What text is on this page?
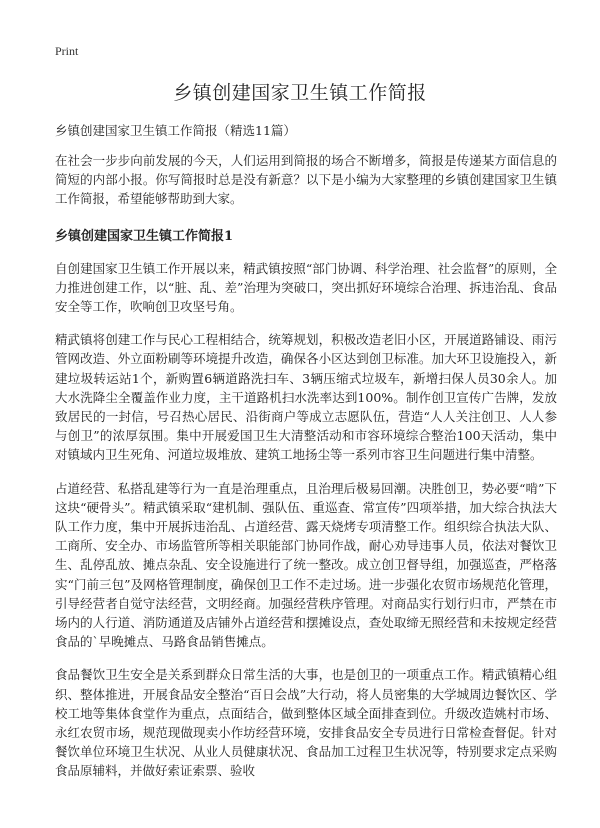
Print
乡镇创建国家卫生镇工作简报
乡镇创建国家卫生镇工作简报（精选11篇）

在社会一步步向前发展的今天，人们运用到简报的场合不断增多，简报是传递某方面信息的简短的内部小报。你写简报时总是没有新意？以下是小编为大家整理的乡镇创建国家卫生镇工作简报，希望能够帮助到大家。

乡镇创建国家卫生镇工作简报1

自创建国家卫生镇工作开展以来，精武镇按照“部门协调、科学治理、社会监督”的原则，全力推进创建工作，以“脏、乱、差”治理为突破口，突出抓好环境综合治理、拆违治乱、食品安全等工作，吹响创卫攻坚号角。

精武镇将创建工作与民心工程相结合，统筹规划，积极改造老旧小区，开展道路铺设、雨污管网改造、外立面粉刷等环境提升改造，确保各小区达到创卫标准。加大环卫设施投入，新建垃圾转运站1个，新购置6辆道路洗扫车、3辆压缩式垃圾车，新增扫保人员30余人。加大水洗降尘全覆盖作业力度，主干道路机扫水洗率达到100%。制作创卫宣传广告牌，发放致居民的一封信，号召热心居民、沿街商户等成立志愿队伍，营造“人人关注创卫、人人参与创卫”的浓厚氛围。集中开展爱国卫生大清整活动和市容环境综合整治100天活动，集中对镇域内卫生死角、河道垃圾堆放、建筑工地扬尘等一系列市容卫生问题进行集中清整。

占道经营、私搭乱建等行为一直是治理重点，且治理后极易回潮。决胜创卫，势必要“啃”下这块“硬骨头”。精武镇采取“建机制、强队伍、重巡查、常宣传”四项举措，加大综合执法大队工作力度，集中开展拆违治乱、占道经营、露天烧烤专项清整工作。组织综合执法大队、工商所、安全办、市场监管所等相关职能部门协同作战，耐心劝导违事人员，依法对餐饮卫生、乱停乱放、摊点杂乱、安全设施进行了统一整改。成立创卫督导组，加强巡查，严格落实“门前三包”及网格管理制度，确保创卫工作不走过场。进一步强化农贸市场规范化管理，引导经营者自觉守法经营，文明经商。加强经营秩序管理。对商品实行划行归市，严禁在市场内的人行道、消防通道及店铺外占道经营和摆摊设点，查处取缔无照经营和未按规定经营食品的`早晚摊点、马路食品销售摊点。

食品餐饮卫生安全是关系到群众日常生活的大事，也是创卫的一项重点工作。精武镇精心组织、整体推进，开展食品安全整治“百日会战”大行动，将人员密集的大学城周边餐饮区、学校工地等集体食堂作为重点，点面结合，做到整体区域全面排查到位。升级改造姚村市场、永红农贸市场，规范现做现卖小作坊经营环境，安排食品安全专员进行日常检查督促。针对餐饮单位环境卫生状况、从业人员健康状况、食品加工过程卫生状况等，特别要求定点采购食品原辅料，并做好索证索票、验收
